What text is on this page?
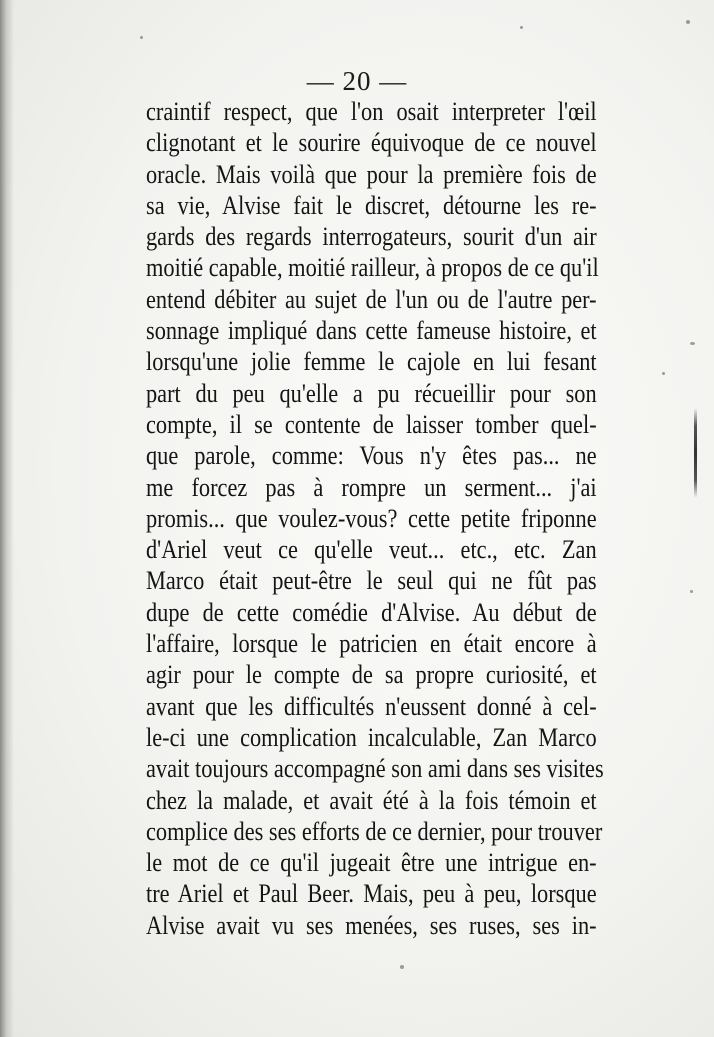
— 20 —
craintif respect, que l'on osait interpreter l'œil
clignotant et le sourire équivoque de ce nouvel
oracle. Mais voilà que pour la première fois de
sa vie, Alvise fait le discret, détourne les re-
gards des regards interrogateurs, sourit d'un air
moitié capable, moitié railleur, à propos de ce qu'il
entend débiter au sujet de l'un ou de l'autre per-
sonnage impliqué dans cette fameuse histoire, et
lorsqu'une jolie femme le cajole en lui fesant
part du peu qu'elle a pu récueillir pour son
compte, il se contente de laisser tomber quel-
que parole, comme: Vous n'y êtes pas... ne
me forcez pas à rompre un serment... j'ai
promis... que voulez-vous? cette petite friponne
d'Ariel veut ce qu'elle veut... etc., etc. Zan
Marco était peut-être le seul qui ne fût pas
dupe de cette comédie d'Alvise. Au début de
l'affaire, lorsque le patricien en était encore à
agir pour le compte de sa propre curiosité, et
avant que les difficultés n'eussent donné à cel-
le-ci une complication incalculable, Zan Marco
avait toujours accompagné son ami dans ses visites
chez la malade, et avait été à la fois témoin et
complice des ses efforts de ce dernier, pour trouver
le mot de ce qu'il jugeait être une intrigue en-
tre Ariel et Paul Beer. Mais, peu à peu, lorsque
Alvise avait vu ses menées, ses ruses, ses in-
